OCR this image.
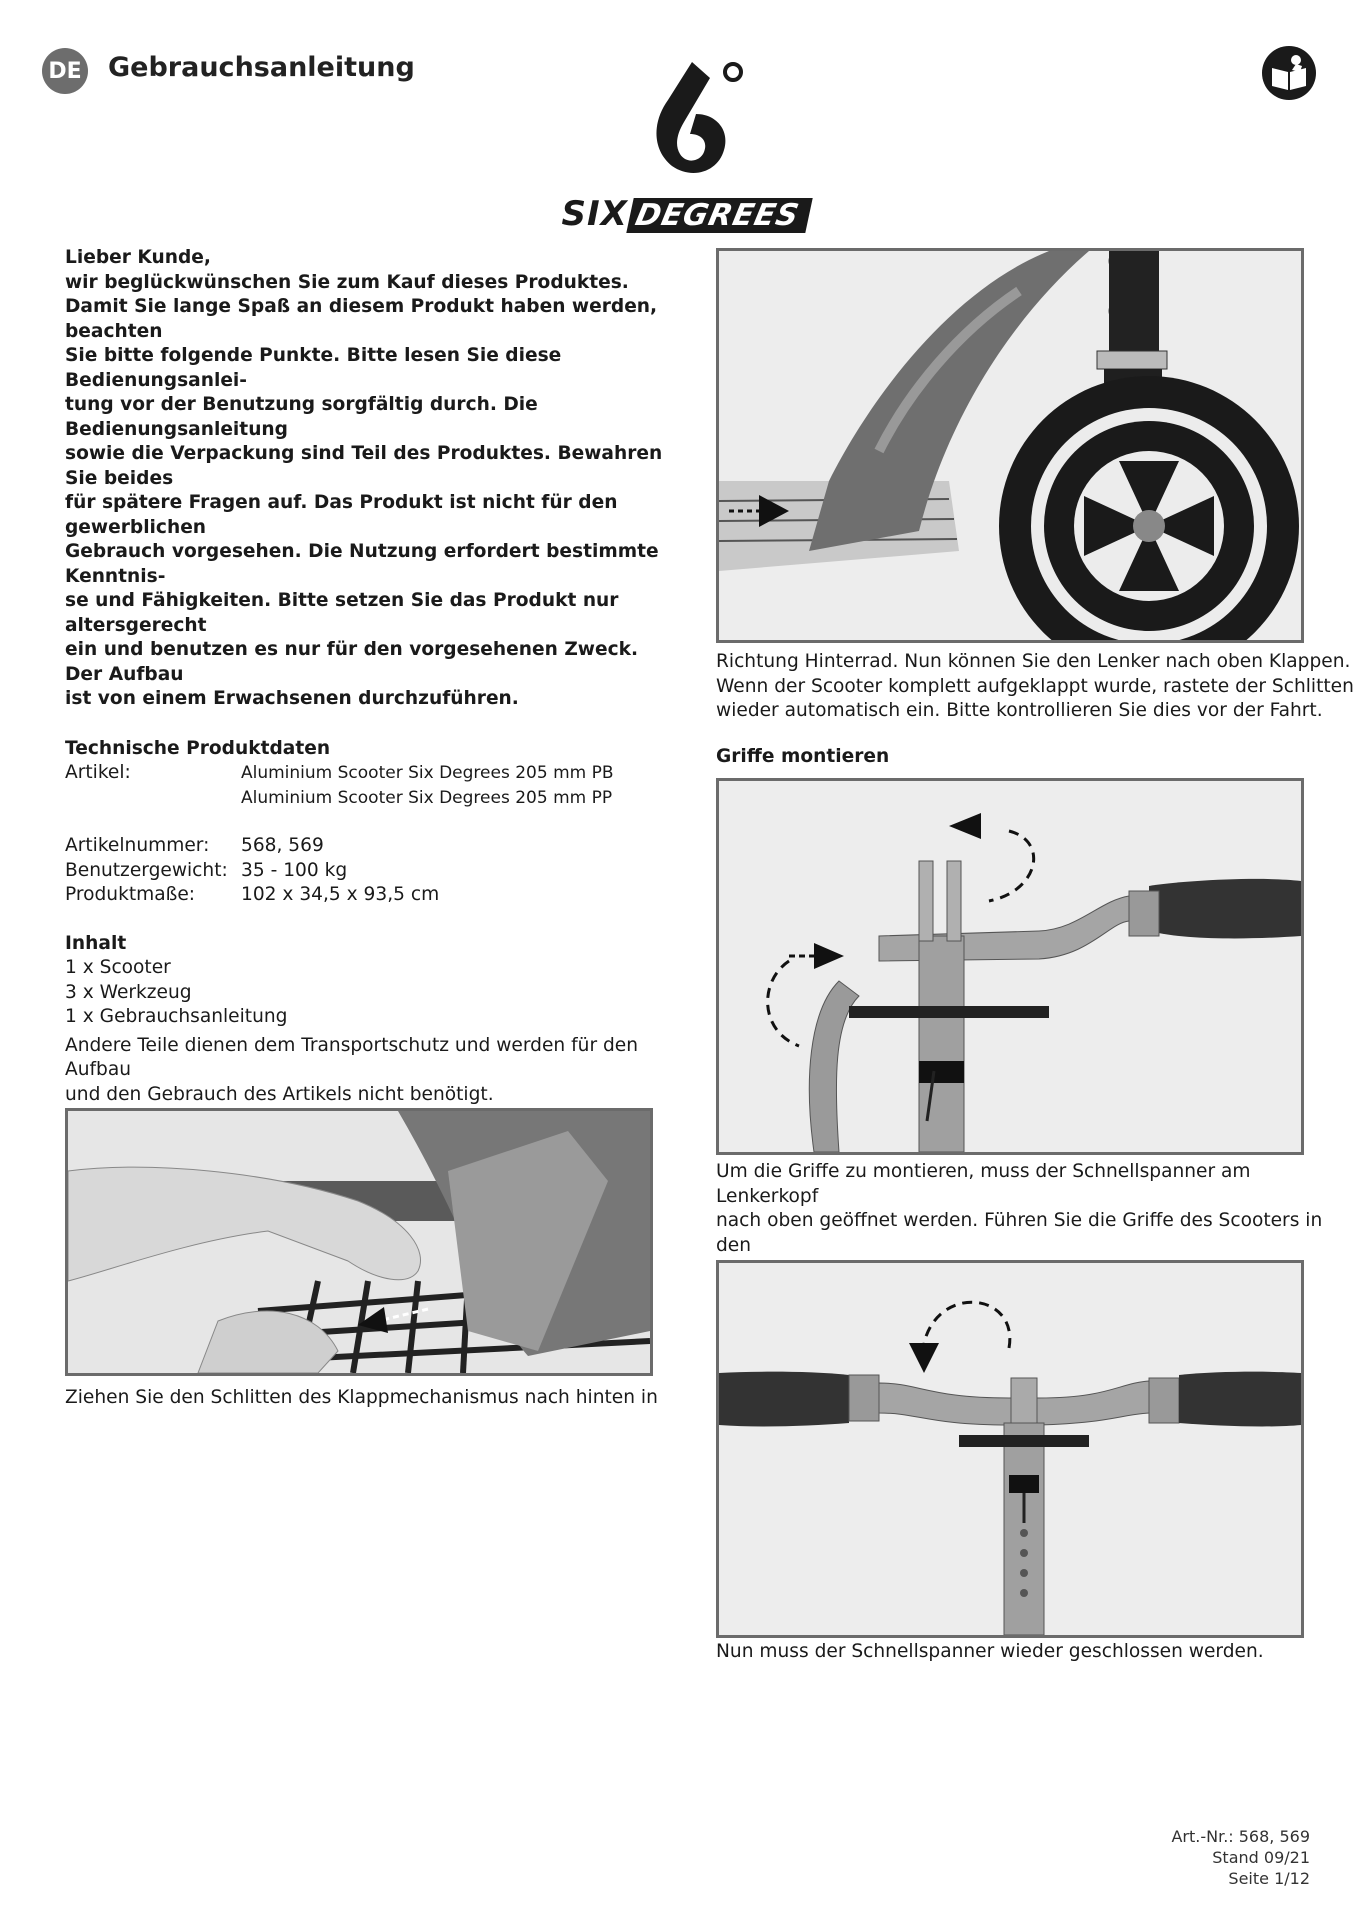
DE Gebrauchsanleitung
SIX DEGREES

Lieber Kunde,

wir beglückwünschen Sie zum Kauf dieses Produktes.

Damit Sie lange Spaß an diesem Produkt haben werden, beachten

Sie bitte folgende Punkte. Bitte lesen Sie diese Bedienungsanlei-

tung vor der Benutzung sorgfältig durch. Die Bedienungsanleitung

sowie die Verpackung sind Teil des Produktes. Bewahren Sie beides

für spätere Fragen auf. Das Produkt ist nicht für den gewerblichen

Gebrauch vorgesehen. Die Nutzung erfordert bestimmte Kenntnis-

se und Fähigkeiten. Bitte setzen Sie das Produkt nur altersgerecht

ein und benutzen es nur für den vorgesehenen Zweck. Der Aufbau

ist von einem Erwachsenen durchzuführen.

Technische Produktdaten

Artikel:	Aluminium Scooter Six Degrees 205 mm PB
Aluminium Scooter Six Degrees 205 mm PP
Artikelnummer:	568, 569
Benutzergewicht: 35 - 100 kg
Produktmaße:	102 x 34,5 x 93,5 cm

Inhalt

1 x Scooter
3 x Werkzeug
1 x Gebrauchsanleitung
Andere Teile dienen dem Transportschutz und werden für den Aufbau
und den Gebrauch des Artikels nicht benötigt.

Ziehen Sie den Schlitten des Klappmechanismus nach hinten in
Richtung Hinterrad. Nun können Sie den Lenker nach oben Klappen.
Wenn der Scooter komplett aufgeklappt wurde, rastete der Schlitten
wieder automatisch ein. Bitte kontrollieren Sie dies vor der Fahrt.
Griffe montieren
Um die Griffe zu montieren, muss der Schnellspanner am Lenkerkopf
nach oben geöffnet werden. Führen Sie die Griffe des Scooters in den
Nun muss der Schnellspanner wieder geschlossen werden.
Art.-Nr.: 568, 569
Stand 09/21
Seite 1/12
